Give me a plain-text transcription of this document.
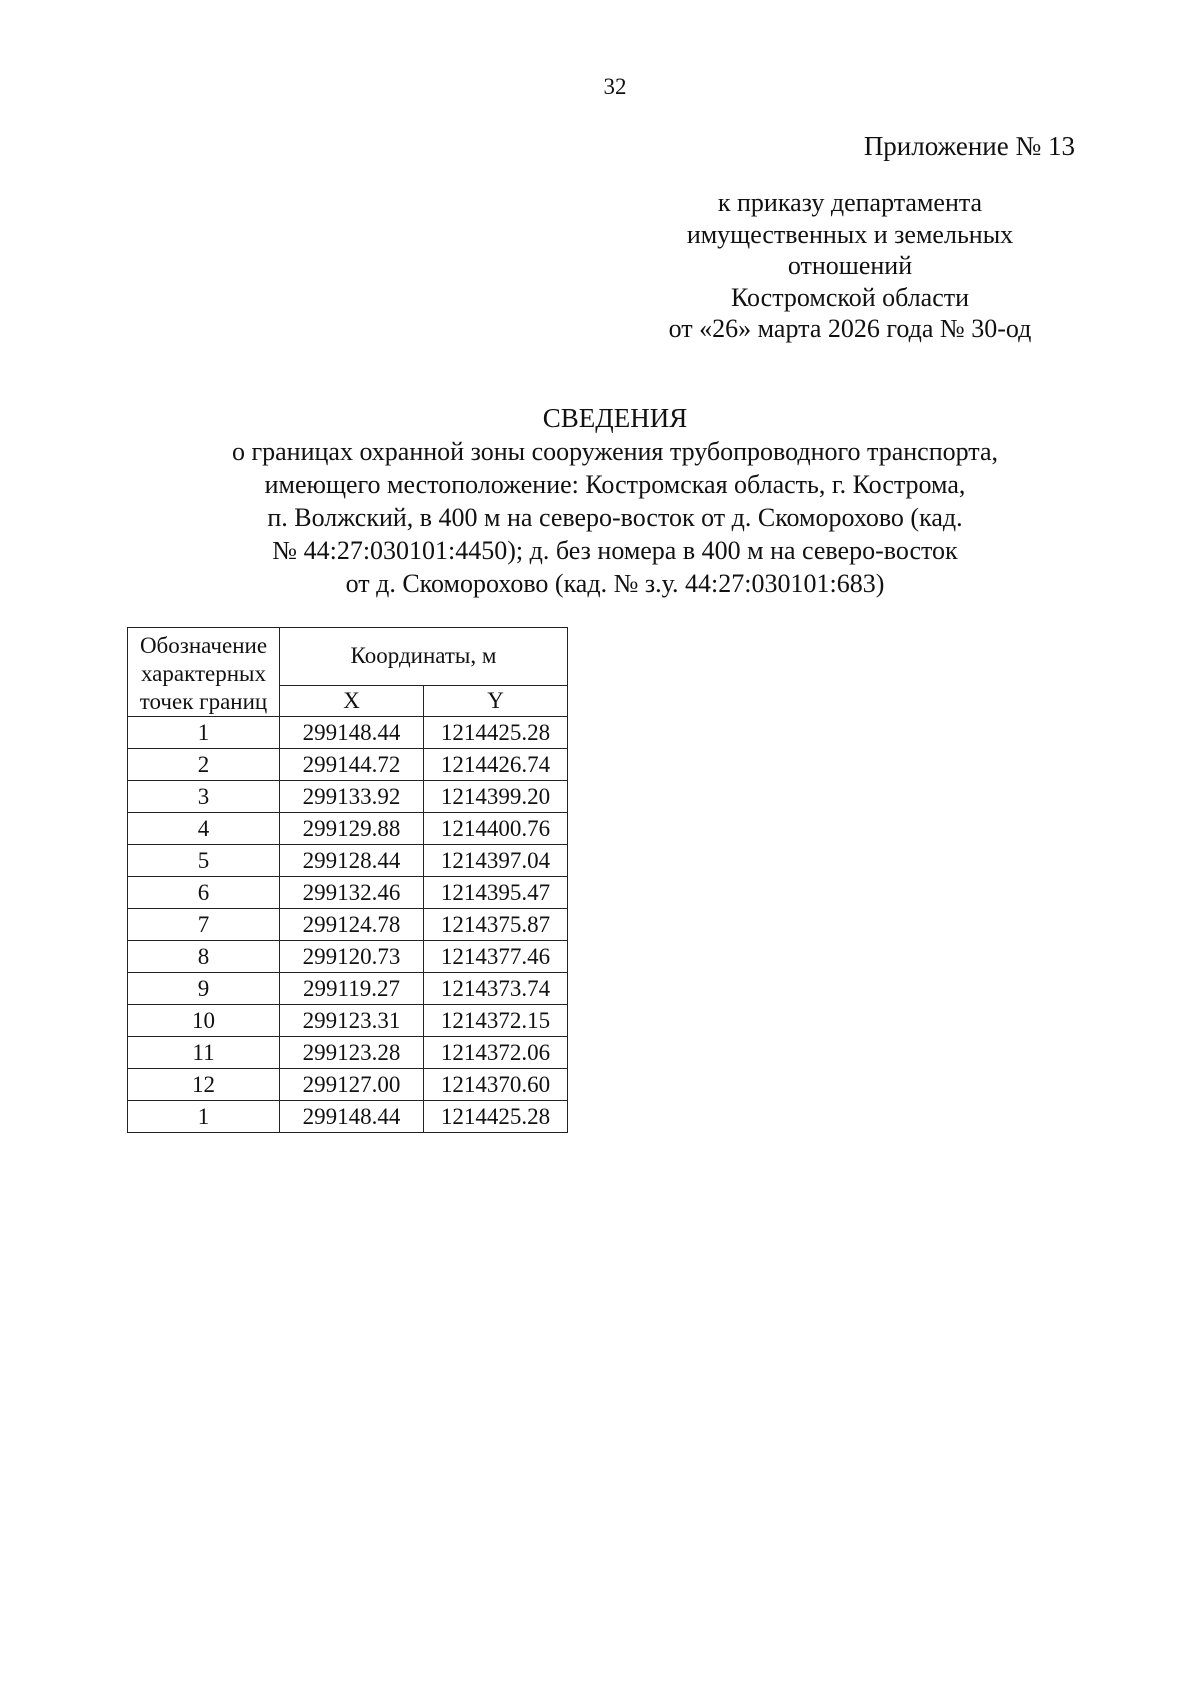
32
Приложение № 13
к приказу департамента
имущественных и земельных
отношений
Костромской области
от «26» марта 2026 года № 30-од
СВЕДЕНИЯ
о границах охранной зоны сооружения трубопроводного транспорта,
имеющего местоположение: Костромская область, г. Кострома,
п. Волжский, в 400 м на северо-восток от д. Скоморохово (кад.
№ 44:27:030101:4450); д. без номера в 400 м на северо-восток
от д. Скоморохово (кад. № з.у. 44:27:030101:683)
Обозначение
характерных
точек границ	Координаты, м	
	X	Y
1	299148.44	1214425.28
2	299144.72	1214426.74
3	299133.92	1214399.20
4	299129.88	1214400.76
5	299128.44	1214397.04
6	299132.46	1214395.47
7	299124.78	1214375.87
8	299120.73	1214377.46
9	299119.27	1214373.74
10	299123.31	1214372.15
11	299123.28	1214372.06
12	299127.00	1214370.60
1	299148.44	1214425.28
